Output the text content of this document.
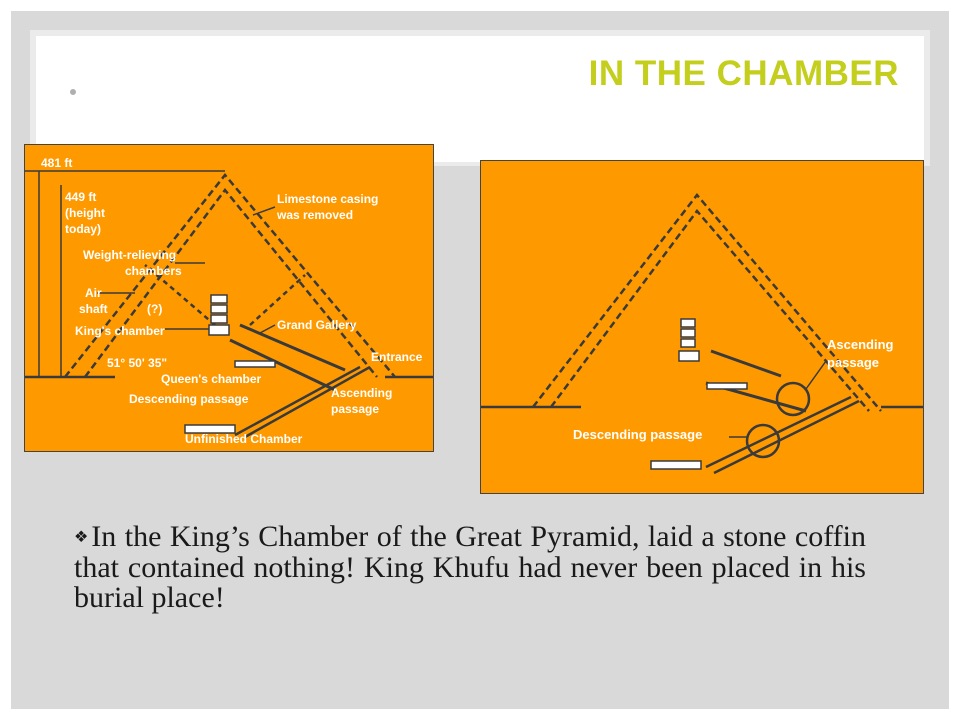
IN THE CHAMBER
481 ft
449 ft
(height
today)
Limestone casing
was removed
Weight-relieving
chambers
Air
shaft	(?)
King's chamber	Grand Gallery
51° 50' 35"	Entrance
Queen's chamber
Ascending
passage
Descending passage
Unfinished Chamber
Ascending
passage
Descending passage
❖In the King’s Chamber of the Great Pyramid, laid a stone coffin that contained nothing! King Khufu had never been placed in his burial place!
